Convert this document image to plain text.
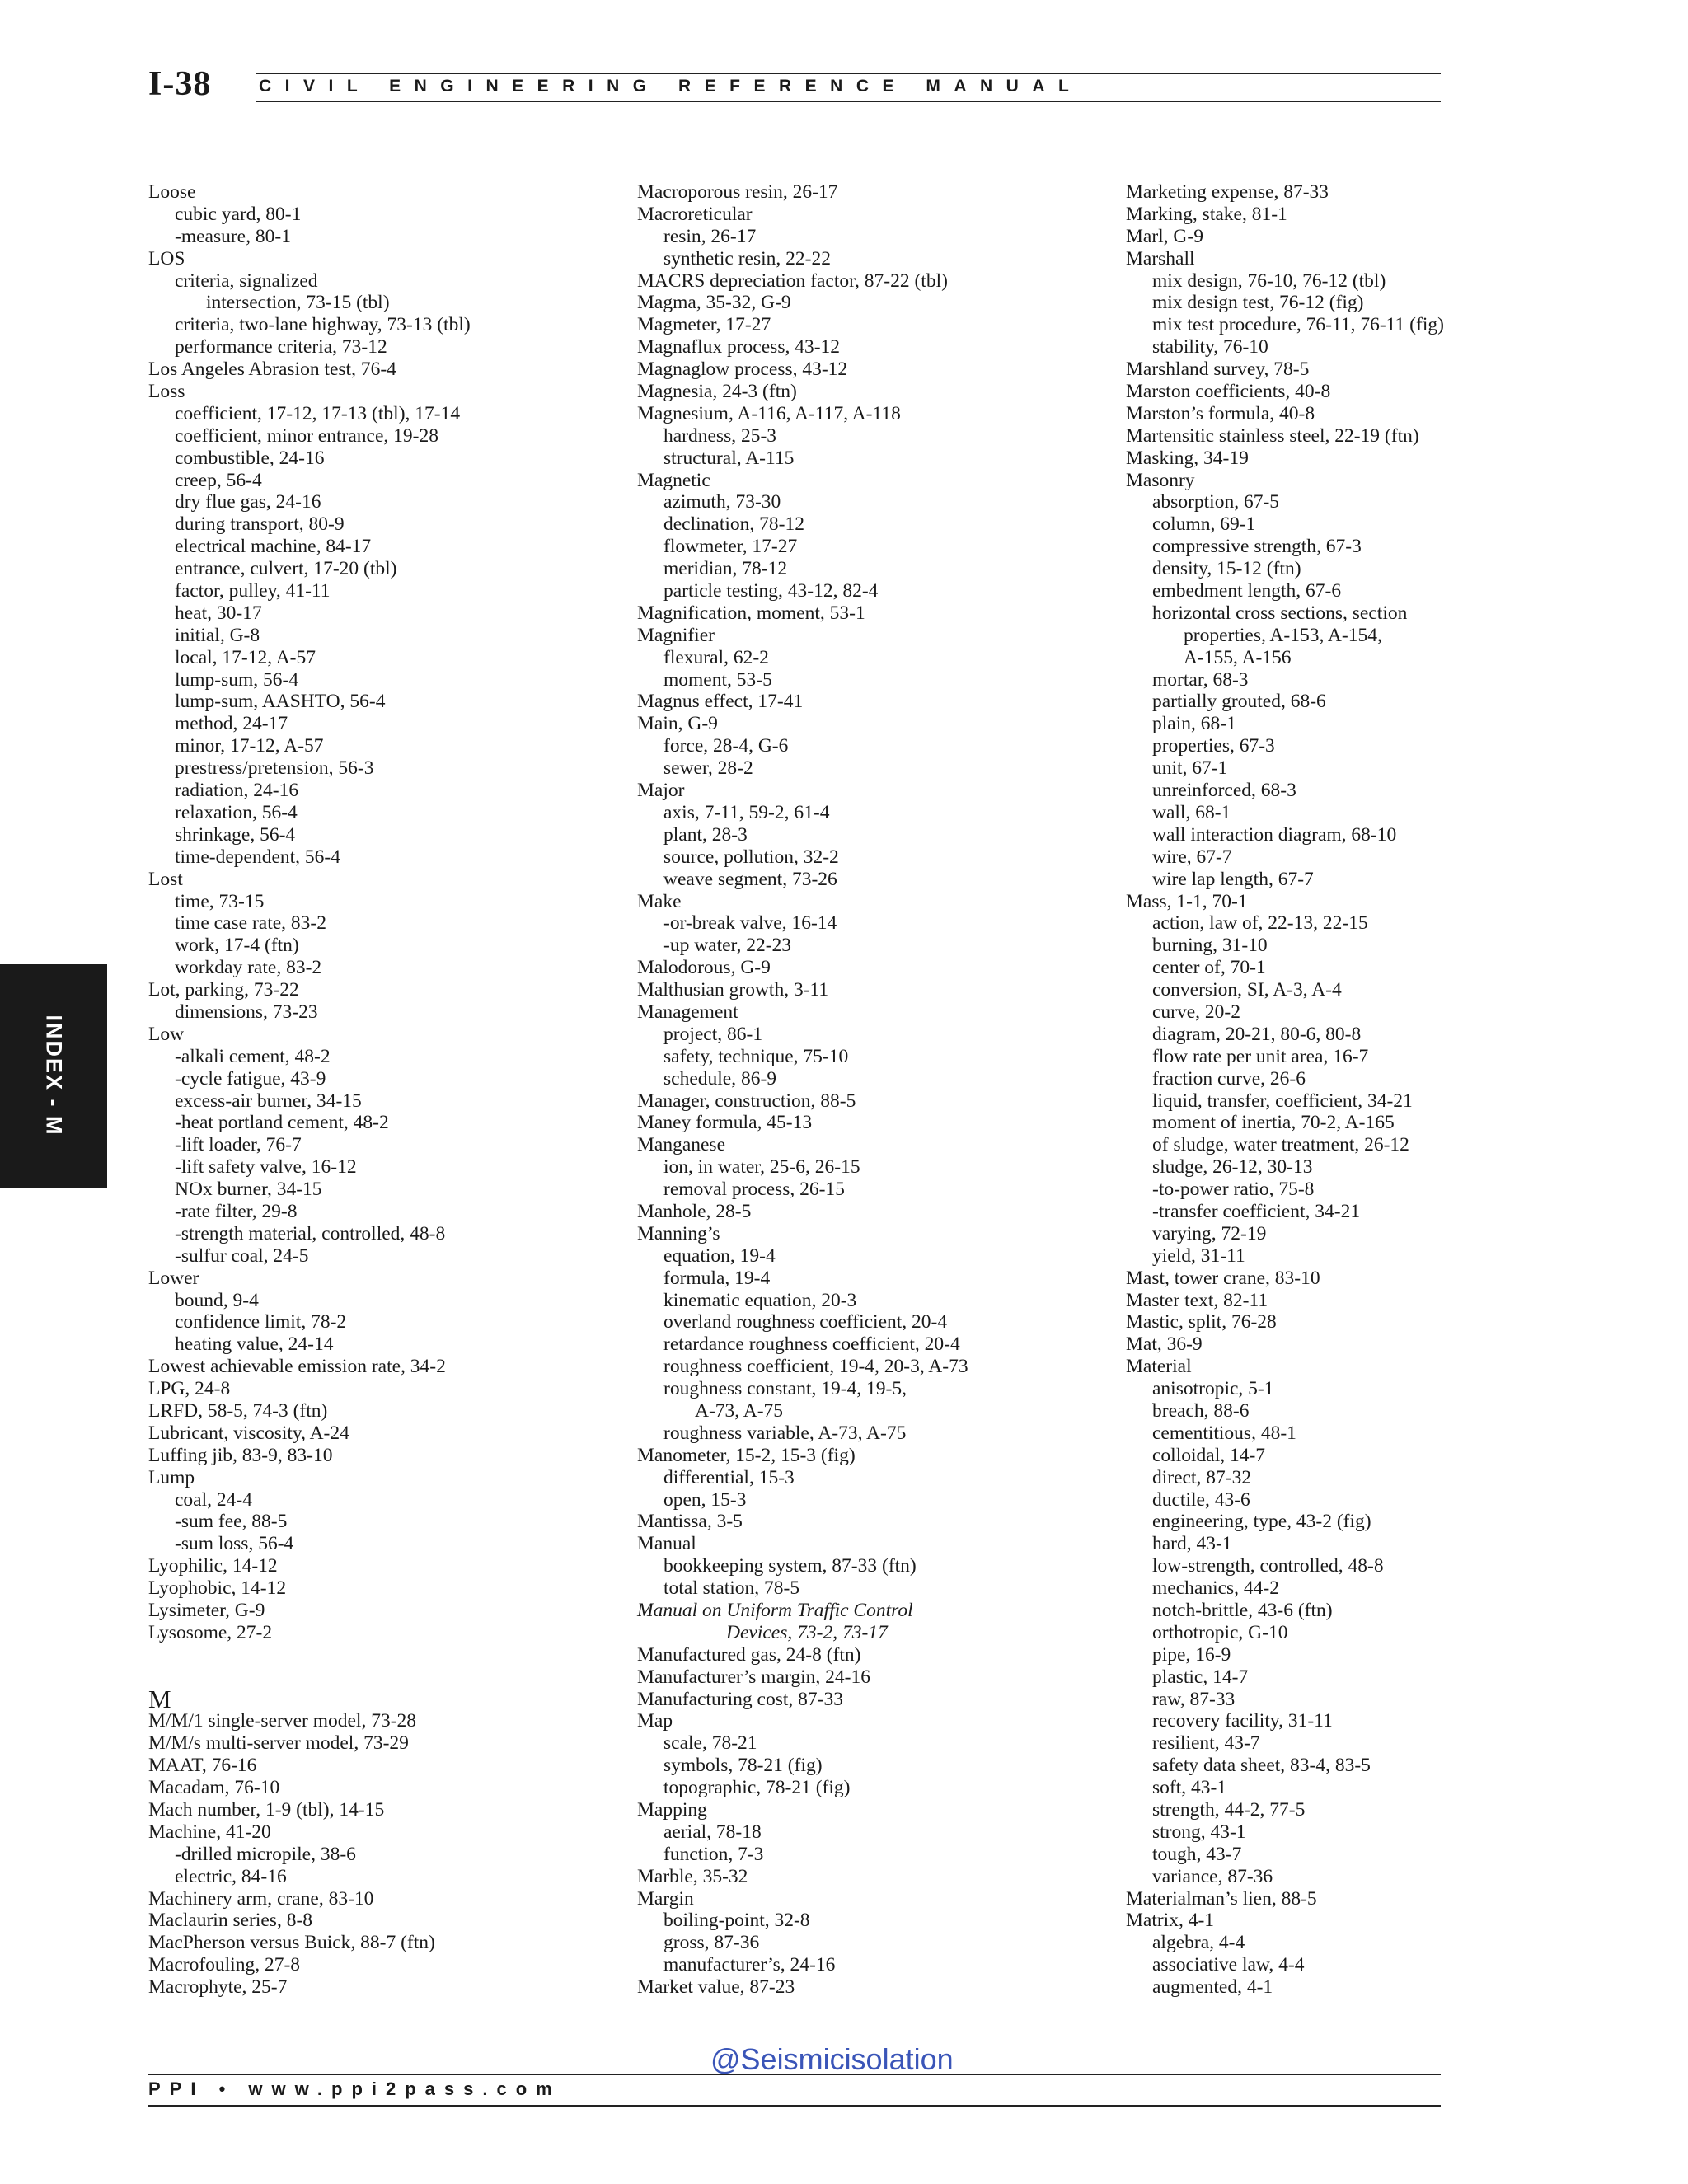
I-38	CIVIL ENGINEERING REFERENCE MANUAL
INDEX - M
Loose
cubic yard, 80-1
-measure, 80-1
LOS
criteria, signalized
intersection, 73-15 (tbl)
criteria, two-lane highway, 73-13 (tbl)
performance criteria, 73-12
Los Angeles Abrasion test, 76-4
Loss
coefficient, 17-12, 17-13 (tbl), 17-14
coefficient, minor entrance, 19-28
combustible, 24-16
creep, 56-4
dry flue gas, 24-16
during transport, 80-9
electrical machine, 84-17
entrance, culvert, 17-20 (tbl)
factor, pulley, 41-11
heat, 30-17
initial, G-8
local, 17-12, A-57
lump-sum, 56-4
lump-sum, AASHTO, 56-4
method, 24-17
minor, 17-12, A-57
prestress/pretension, 56-3
radiation, 24-16
relaxation, 56-4
shrinkage, 56-4
time-dependent, 56-4
Lost
time, 73-15
time case rate, 83-2
work, 17-4 (ftn)
workday rate, 83-2
Lot, parking, 73-22
dimensions, 73-23
Low
-alkali cement, 48-2
-cycle fatigue, 43-9
excess-air burner, 34-15
-heat portland cement, 48-2
-lift loader, 76-7
-lift safety valve, 16-12
NOx burner, 34-15
-rate filter, 29-8
-strength material, controlled, 48-8
-sulfur coal, 24-5
Lower
bound, 9-4
confidence limit, 78-2
heating value, 24-14
Lowest achievable emission rate, 34-2
LPG, 24-8
LRFD, 58-5, 74-3 (ftn)
Lubricant, viscosity, A-24
Luffing jib, 83-9, 83-10
Lump
coal, 24-4
-sum fee, 88-5
-sum loss, 56-4
Lyophilic, 14-12
Lyophobic, 14-12
Lysimeter, G-9
Lysosome, 27-2
M
M/M/1 single-server model, 73-28
M/M/s multi-server model, 73-29
MAAT, 76-16
Macadam, 76-10
Mach number, 1-9 (tbl), 14-15
Machine, 41-20
-drilled micropile, 38-6
electric, 84-16
Machinery arm, crane, 83-10
Maclaurin series, 8-8
MacPherson versus Buick, 88-7 (ftn)
Macrofouling, 27-8
Macrophyte, 25-7
Macroporous resin, 26-17
Macroreticular
resin, 26-17
synthetic resin, 22-22
MACRS depreciation factor, 87-22 (tbl)
Magma, 35-32, G-9
Magmeter, 17-27
Magnaflux process, 43-12
Magnaglow process, 43-12
Magnesia, 24-3 (ftn)
Magnesium, A-116, A-117, A-118
hardness, 25-3
structural, A-115
Magnetic
azimuth, 73-30
declination, 78-12
flowmeter, 17-27
meridian, 78-12
particle testing, 43-12, 82-4
Magnification, moment, 53-1
Magnifier
flexural, 62-2
moment, 53-5
Magnus effect, 17-41
Main, G-9
force, 28-4, G-6
sewer, 28-2
Major
axis, 7-11, 59-2, 61-4
plant, 28-3
source, pollution, 32-2
weave segment, 73-26
Make
-or-break valve, 16-14
-up water, 22-23
Malodorous, G-9
Malthusian growth, 3-11
Management
project, 86-1
safety, technique, 75-10
schedule, 86-9
Manager, construction, 88-5
Maney formula, 45-13
Manganese
ion, in water, 25-6, 26-15
removal process, 26-15
Manhole, 28-5
Manning’s
equation, 19-4
formula, 19-4
kinematic equation, 20-3
overland roughness coefficient, 20-4
retardance roughness coefficient, 20-4
roughness coefficient, 19-4, 20-3, A-73
roughness constant, 19-4, 19-5,
A-73, A-75
roughness variable, A-73, A-75
Manometer, 15-2, 15-3 (fig)
differential, 15-3
open, 15-3
Mantissa, 3-5
Manual
bookkeeping system, 87-33 (ftn)
total station, 78-5
Manual on Uniform Traffic Control
Devices, 73-2, 73-17
Manufactured gas, 24-8 (ftn)
Manufacturer’s margin, 24-16
Manufacturing cost, 87-33
Map
scale, 78-21
symbols, 78-21 (fig)
topographic, 78-21 (fig)
Mapping
aerial, 78-18
function, 7-3
Marble, 35-32
Margin
boiling-point, 32-8
gross, 87-36
manufacturer’s, 24-16
Market value, 87-23
Marketing expense, 87-33
Marking, stake, 81-1
Marl, G-9
Marshall
mix design, 76-10, 76-12 (tbl)
mix design test, 76-12 (fig)
mix test procedure, 76-11, 76-11 (fig)
stability, 76-10
Marshland survey, 78-5
Marston coefficients, 40-8
Marston’s formula, 40-8
Martensitic stainless steel, 22-19 (ftn)
Masking, 34-19
Masonry
absorption, 67-5
column, 69-1
compressive strength, 67-3
density, 15-12 (ftn)
embedment length, 67-6
horizontal cross sections, section
properties, A-153, A-154,
A-155, A-156
mortar, 68-3
partially grouted, 68-6
plain, 68-1
properties, 67-3
unit, 67-1
unreinforced, 68-3
wall, 68-1
wall interaction diagram, 68-10
wire, 67-7
wire lap length, 67-7
Mass, 1-1, 70-1
action, law of, 22-13, 22-15
burning, 31-10
center of, 70-1
conversion, SI, A-3, A-4
curve, 20-2
diagram, 20-21, 80-6, 80-8
flow rate per unit area, 16-7
fraction curve, 26-6
liquid, transfer, coefficient, 34-21
moment of inertia, 70-2, A-165
of sludge, water treatment, 26-12
sludge, 26-12, 30-13
-to-power ratio, 75-8
-transfer coefficient, 34-21
varying, 72-19
yield, 31-11
Mast, tower crane, 83-10
Master text, 82-11
Mastic, split, 76-28
Mat, 36-9
Material
anisotropic, 5-1
breach, 88-6
cementitious, 48-1
colloidal, 14-7
direct, 87-32
ductile, 43-6
engineering, type, 43-2 (fig)
hard, 43-1
low-strength, controlled, 48-8
mechanics, 44-2
notch-brittle, 43-6 (ftn)
orthotropic, G-10
pipe, 16-9
plastic, 14-7
raw, 87-33
recovery facility, 31-11
resilient, 43-7
safety data sheet, 83-4, 83-5
soft, 43-1
strength, 44-2, 77-5
strong, 43-1
tough, 43-7
variance, 87-36
Materialman’s lien, 88-5
Matrix, 4-1
algebra, 4-4
associative law, 4-4
augmented, 4-1
@Seismicisolation
PPI • www.ppi2pass.com
